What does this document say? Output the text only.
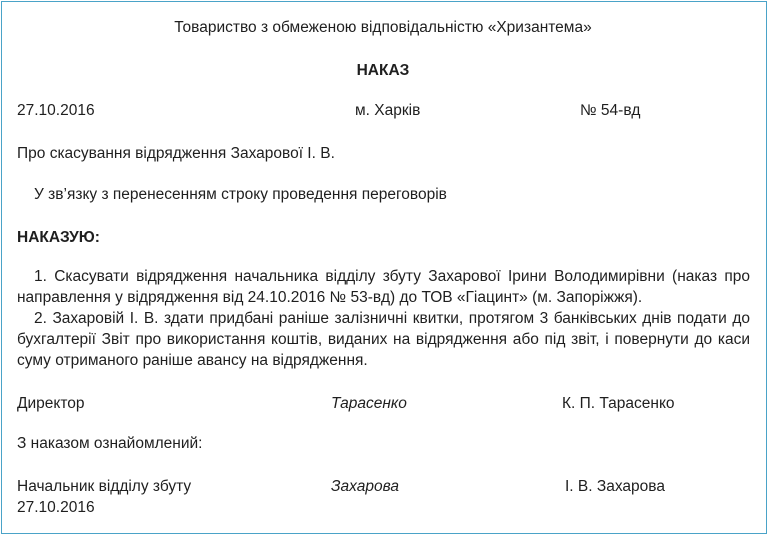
Товариство з обмеженою відповідальністю «Хризантема»
НАКАЗ
27.10.2016	м. Харків	№ 54-вд
Про скасування відрядження Захарової І. В.
У зв’язку з перенесенням строку проведення переговорів
НАКАЗУЮ:

1. Скасувати відрядження начальника відділу збуту Захарової Ірини Володимирівни (наказ про направлення у відрядження від 24.10.2016 № 53-вд) до ТОВ «Гіацинт» (м. Запоріжжя).

2. Захаровій І. В. здати придбані раніше залізничні квитки, протягом 3 банківських днів подати до бухгалтерії Звіт про використання коштів, виданих на відрядження або під звіт, і повернути до каси суму отриманого раніше авансу на відрядження.

Директор	Тарасенко	К. П. Тарасенко
З наказом ознайомлений:
Начальник відділу збуту	Захарова	І. В. Захарова
27.10.2016
